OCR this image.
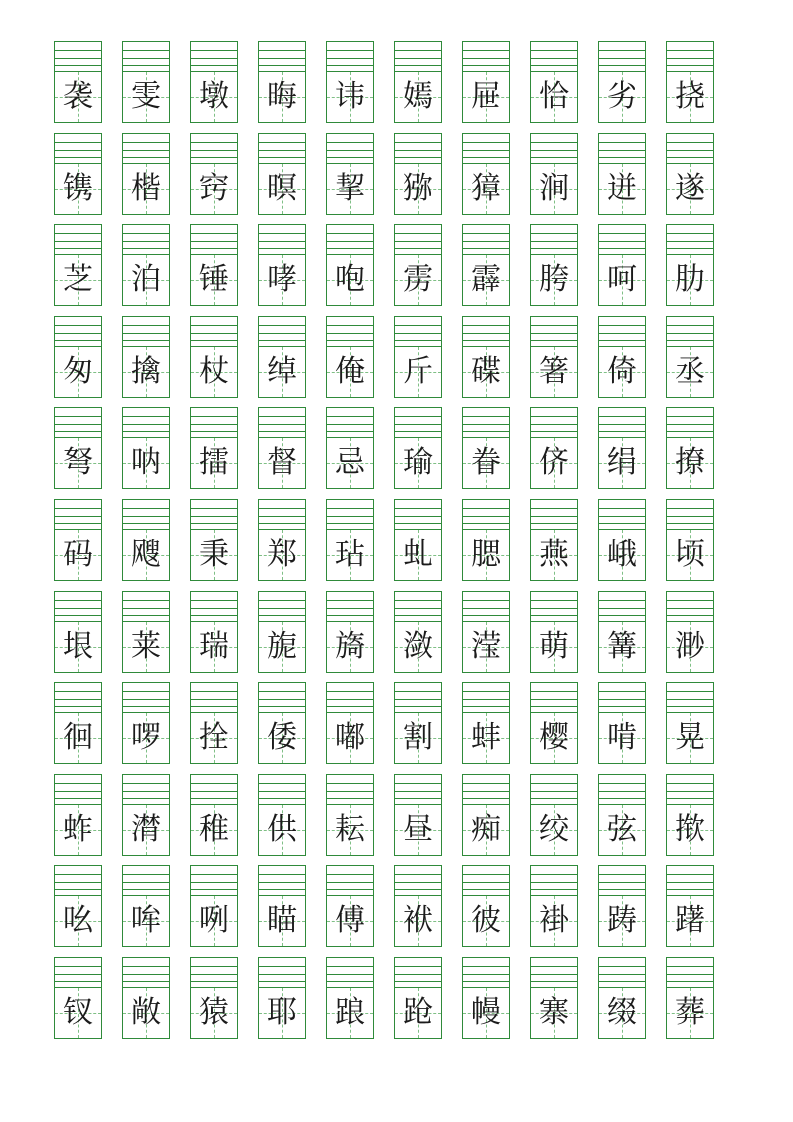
袭 雯 墩 晦 讳 嫣 屉 恰 劣 挠
镌 楷 窍 暝 挈 猕 獐 涧 迸 遂
芝 泊 锤 哮 咆 雳 霹 胯 呵 肋
匆 擒 杖 绰 俺 斤 碟 箸 倚 丞
弩 呐 擂 督 忌 瑜 眷 侪 绢 撩
码 飕 秉 郑 玷 虬 腮 燕 峨 顷
垠 莱 瑞 旎 旖 潋 滢 萌 篝 渺
徊 啰 拴 倭 嘟 割 蚌 樱 啃 晃
蚱 潸 稚 供 耘 昼 痴 绞 弦 揿
吆 哞 咧 瞄 傅 袱 彼 褂 踌 躇
钗 敞 猿 耶 踉 跄 幔 寨 缀 葬
